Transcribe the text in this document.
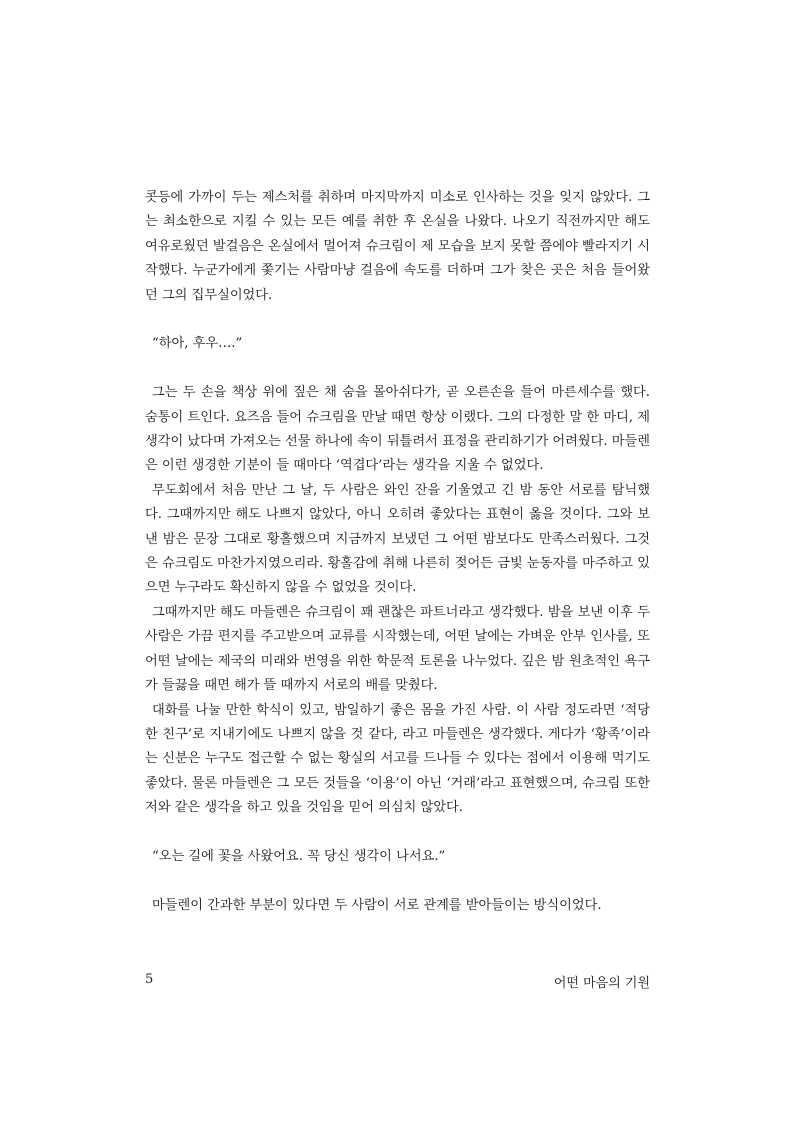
콧등에 가까이 두는 제스처를 취하며 마지막까지 미소로 인사하는 것을 잊지 않았다. 그는 최소한으로 지킬 수 있는 모든 예를 취한 후 온실을 나왔다. 나오기 직전까지만 해도 여유로웠던 발걸음은 온실에서 멀어져 슈크림이 제 모습을 보지 못할 쯤에야 빨라지기 시작했다. 누군가에게 쫓기는 사람마냥 걸음에 속도를 더하며 그가 찾은 곳은 처음 들어왔던 그의 집무실이었다.

“하아, 후우….”

그는 두 손을 책상 위에 짚은 채 숨을 몰아쉬다가, 곧 오른손을 들어 마른세수를 했다. 숨통이 트인다. 요즈음 들어 슈크림을 만날 때면 항상 이랬다. 그의 다정한 말 한 마디, 제 생각이 났다며 가져오는 선물 하나에 속이 뒤틀려서 표정을 관리하기가 어려웠다. 마들렌은 이런 생경한 기분이 들 때마다 ‘역겹다’라는 생각을 지울 수 없었다.

무도회에서 처음 만난 그 날, 두 사람은 와인 잔을 기울였고 긴 밤 동안 서로를 탐닉했다. 그때까지만 해도 나쁘지 않았다, 아니 오히려 좋았다는 표현이 옳을 것이다. 그와 보낸 밤은 문장 그대로 황홀했으며 지금까지 보냈던 그 어떤 밤보다도 만족스러웠다. 그것은 슈크림도 마찬가지였으리라. 황홀감에 취해 나른히 젖어든 금빛 눈동자를 마주하고 있으면 누구라도 확신하지 않을 수 없었을 것이다.

그때까지만 해도 마들렌은 슈크림이 꽤 괜찮은 파트너라고 생각했다. 밤을 보낸 이후 두 사람은 가끔 편지를 주고받으며 교류를 시작했는데, 어떤 날에는 가벼운 안부 인사를, 또 어떤 날에는 제국의 미래와 번영을 위한 학문적 토론을 나누었다. 깊은 밤 원초적인 욕구가 들끓을 때면 해가 뜰 때까지 서로의 배를 맞췄다.

대화를 나눌 만한 학식이 있고, 밤일하기 좋은 몸을 가진 사람. 이 사람 정도라면 ‘적당한 친구’로 지내기에도 나쁘지 않을 것 같다, 라고 마들렌은 생각했다. 게다가 ‘황족’이라는 신분은 누구도 접근할 수 없는 황실의 서고를 드나들 수 있다는 점에서 이용해 먹기도 좋았다. 물론 마들렌은 그 모든 것들을 ‘이용’이 아닌 ‘거래’라고 표현했으며, 슈크림 또한 저와 같은 생각을 하고 있을 것임을 믿어 의심치 않았다.

“오는 길에 꽃을 사왔어요. 꼭 당신 생각이 나서요.”

마들렌이 간과한 부분이 있다면 두 사람이 서로 관계를 받아들이는 방식이었다.

5	어떤 마음의 기원
